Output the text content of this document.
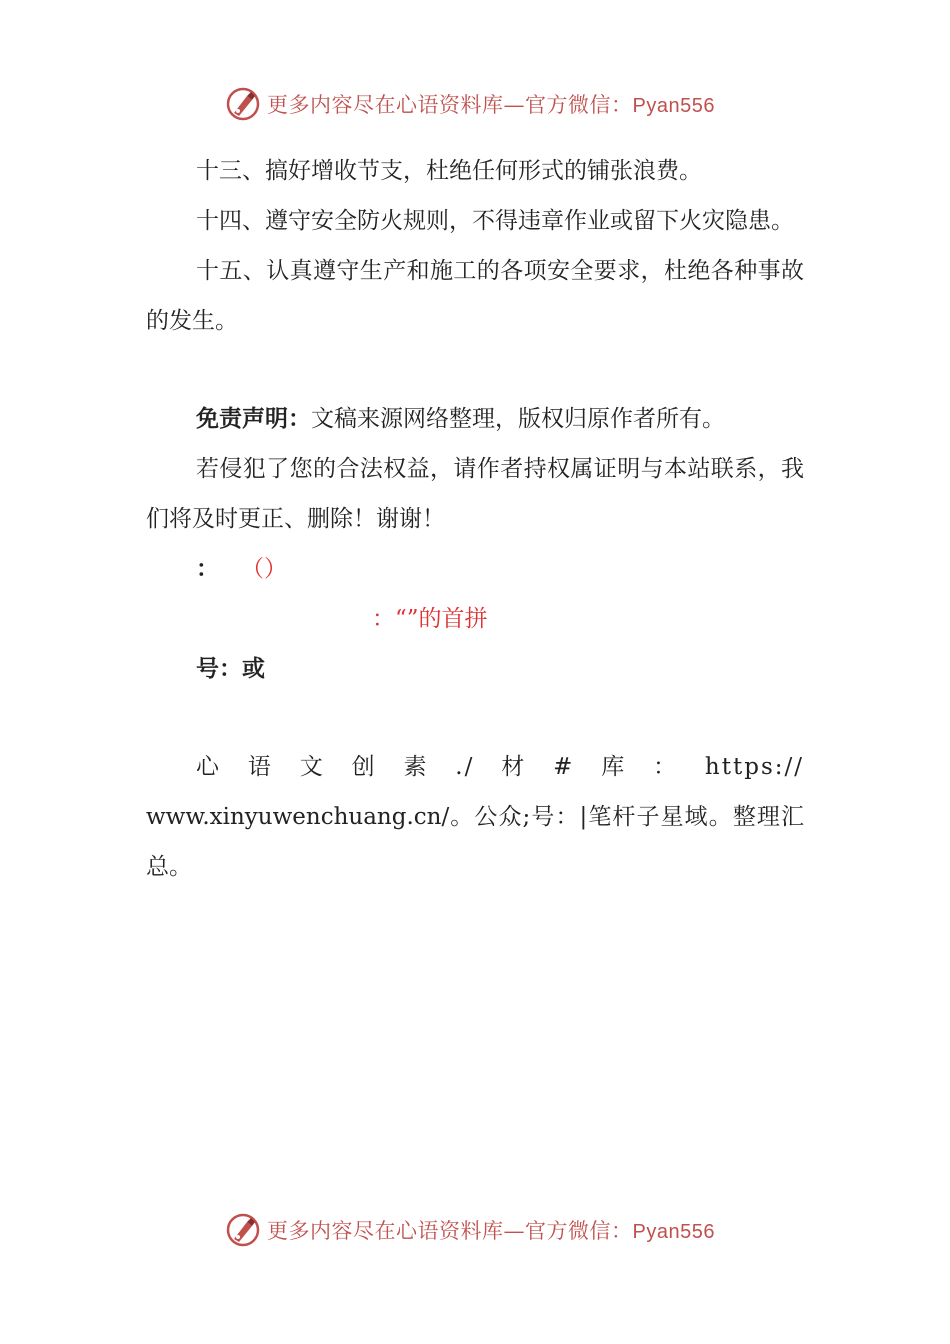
更多内容尽在心语资料库—官方微信：Pyan556

十三、搞好增收节支，杜绝任何形式的铺张浪费。

十四、遵守安全防火规则，不得违章作业或留下火灾隐患。

十五、认真遵守生产和施工的各项安全要求，杜绝各种事故的发生。

免责声明：文稿来源网络整理，版权归原作者所有。

若侵犯了您的合法权益，请作者持权属证明与本站联系，我们将及时更正、删除！谢谢！

： （）

：“”的首拼

号：或

心语文创素./材#库：https://

www.xinyuwenchuang.cn/。公众;号：|笔杆子星域。整理汇总。

更多内容尽在心语资料库—官方微信：Pyan556
